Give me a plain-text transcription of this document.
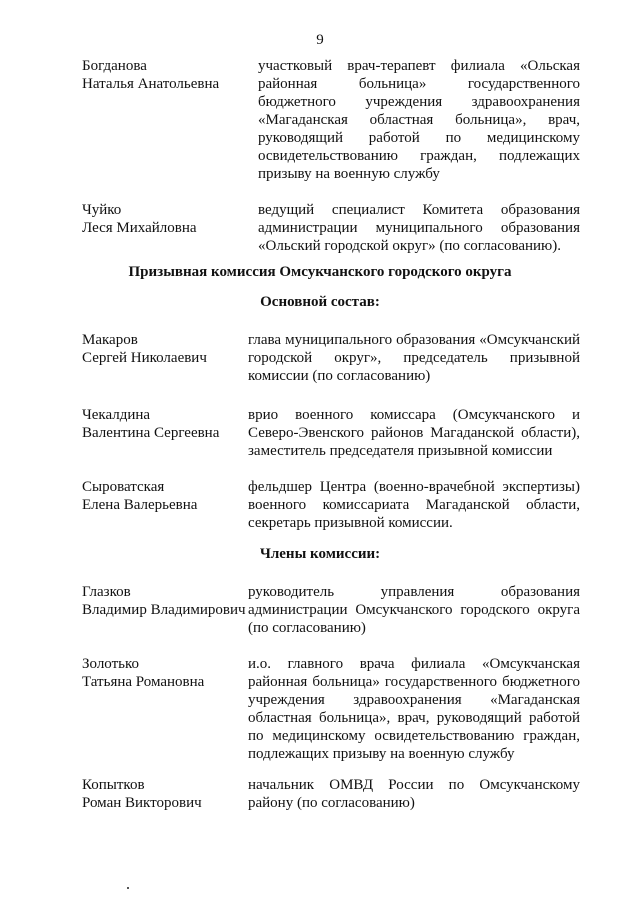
9
Богданова
Наталья Анатольевна
участковый врач-терапевт филиала «Ольская районная больница» государственного бюджетного учреждения здравоохранения «Магаданская областная больница», врач, руководящий работой по медицинскому освидетельствованию граждан, подлежащих призыву на военную службу
Чуйко
Леся Михайловна
ведущий специалист Комитета образования администрации муниципального образования «Ольский городской округ» (по согласованию).
Призывная комиссия Омсукчанского городского округа
Основной состав:
Макаров
Сергей Николаевич
глава муниципального образования «Омсукчанский городской округ», председатель призывной комиссии (по согласованию)
Чекалдина
Валентина Сергеевна
врио военного комиссара (Омсукчанского и Северо-Эвенского районов Магаданской области), заместитель председателя призывной комиссии
Сыроватская
Елена Валерьевна
фельдшер Центра (военно-врачебной экспертизы) военного комиссариата Магаданской области, секретарь призывной комиссии.
Члены комиссии:
Глазков
Владимир Владимирович
руководитель управления образования администрации Омсукчанского городского округа (по согласованию)
Золотько
Татьяна Романовна
и.о. главного врача филиала «Омсукчанская районная больница» государственного бюджетного учреждения здравоохранения «Магаданская областная больница», врач, руководящий работой по медицинскому освидетельствованию граждан, подлежащих призыву на военную службу
Копытков
Роман Викторович
начальник ОМВД России по Омсукчанскому району (по согласованию)
